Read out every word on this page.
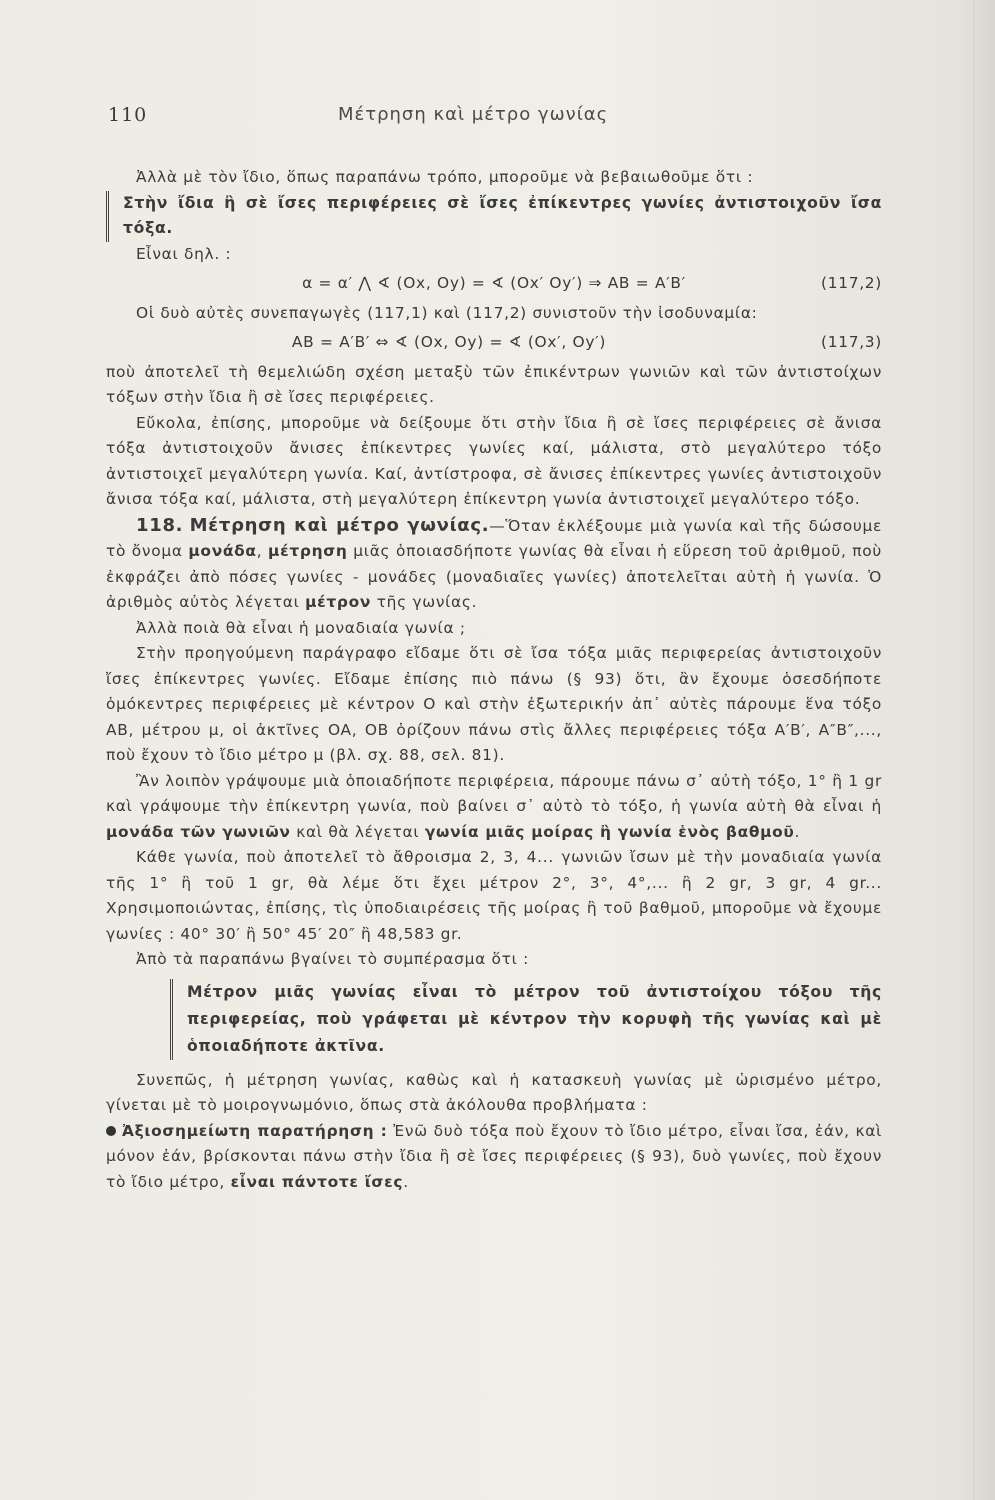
110	Μέτρηση καὶ μέτρο γωνίας

Ἀλλὰ μὲ τὸν ἴδιο, ὅπως παραπάνω τρόπο, μποροῦμε νὰ βεβαιωθοῦμε ὅτι :

Στὴν ἴδια ἢ σὲ ἴσες περιφέρειες σὲ ἴσες ἐπίκεντρες γωνίες ἀντιστοιχοῦν ἴσα τόξα.

Εἶναι δηλ. :

α = α′ ⋀ ∢ (Ox, Oy) = ∢ (Ox′ Oy′) ⇒ AB = A′B′	(117,2)

Οἱ δυὸ αὐτὲς συνεπαγωγὲς (117,1) καὶ (117,2) συνιστοῦν τὴν ἰσοδυναμία:

AB = A′B′ ⇔ ∢ (Ox, Oy) = ∢ (Ox′, Oy′)	(117,3)

ποὺ ἀποτελεῖ τὴ θεμελιώδη σχέση μεταξὺ τῶν ἐπικέντρων γωνιῶν καὶ τῶν ἀντιστοίχων τόξων στὴν ἴδια ἢ σὲ ἴσες περιφέρειες.

Εὔκολα, ἐπίσης, μποροῦμε νὰ δείξουμε ὅτι στὴν ἴδια ἢ σὲ ἴσες περιφέρειες σὲ ἄνισα τόξα ἀντιστοιχοῦν ἄνισες ἐπίκεντρες γωνίες καί, μάλιστα, στὸ μεγαλύτερο τόξο ἀντιστοιχεῖ μεγαλύτερη γωνία. Καί, ἀντίστροφα, σὲ ἄνισες ἐπίκεντρες γωνίες ἀντιστοιχοῦν ἄνισα τόξα καί, μάλιστα, στὴ μεγαλύτερη ἐπίκεντρη γωνία ἀντιστοιχεῖ μεγαλύτερο τόξο.

118. Μέτρηση καὶ μέτρο γωνίας.—Ὅταν ἐκλέξουμε μιὰ γωνία καὶ τῆς δώσουμε τὸ ὄνομα μονάδα, μέτρηση μιᾶς ὁποιασδήποτε γωνίας θὰ εἶναι ἡ εὕρεση τοῦ ἀριθμοῦ, ποὺ ἐκφράζει ἀπὸ πόσες γωνίες - μονάδες (μοναδιαῖες γωνίες) ἀποτελεῖται αὐτὴ ἡ γωνία. Ὁ ἀριθμὸς αὐτὸς λέγεται μέτρον τῆς γωνίας.

Ἀλλὰ ποιὰ θὰ εἶναι ἡ μοναδιαία γωνία ;

Στὴν προηγούμενη παράγραφο εἴδαμε ὅτι σὲ ἴσα τόξα μιᾶς περιφερείας ἀντιστοιχοῦν ἴσες ἐπίκεντρες γωνίες. Εἴδαμε ἐπίσης πιὸ πάνω (§ 93) ὅτι, ἂν ἔχουμε ὁσεσδήποτε ὁμόκεντρες περιφέρειες μὲ κέντρον O καὶ στὴν ἐξωτερικήν ἀπ᾽ αὐτὲς πάρουμε ἕνα τόξο AB, μέτρου μ, οἱ ἀκτῖνες OA, OB ὁρίζουν πάνω στὶς ἄλλες περιφέρειες τόξα A′B′, A″B″,..., ποὺ ἔχουν τὸ ἴδιο μέτρο μ (βλ. σχ. 88, σελ. 81).

Ἂν λοιπὸν γράψουμε μιὰ ὁποιαδήποτε περιφέρεια, πάρουμε πάνω σ᾽ αὐτὴ τόξο, 1° ἢ 1 gr καὶ γράψουμε τὴν ἐπίκεντρη γωνία, ποὺ βαίνει σ᾽ αὐτὸ τὸ τόξο, ἡ γωνία αὐτὴ θὰ εἶναι ἡ μονάδα τῶν γωνιῶν καὶ θὰ λέγεται γωνία μιᾶς μοίρας ἢ γωνία ἑνὸς βαθμοῦ.

Κάθε γωνία, ποὺ ἀποτελεῖ τὸ ἄθροισμα 2, 3, 4... γωνιῶν ἴσων μὲ τὴν μοναδιαία γωνία τῆς 1° ἢ τοῦ 1 gr, θὰ λέμε ὅτι ἔχει μέτρον 2°, 3°, 4°,... ἢ 2 gr, 3 gr, 4 gr... Χρησιμοποιώντας, ἐπίσης, τὶς ὑποδιαιρέσεις τῆς μοίρας ἢ τοῦ βαθμοῦ, μποροῦμε νὰ ἔχουμε γωνίες : 40° 30′ ἢ 50° 45′ 20″ ἢ 48,583 gr.

Ἀπὸ τὰ παραπάνω βγαίνει τὸ συμπέρασμα ὅτι :

Μέτρον μιᾶς γωνίας εἶναι τὸ μέτρον τοῦ ἀντιστοίχου τόξου τῆς περιφερείας, ποὺ γράφεται μὲ κέντρον τὴν κορυφὴ τῆς γωνίας καὶ μὲ ὁποιαδήποτε ἀκτῖνα.

Συνεπῶς, ἡ μέτρηση γωνίας, καθὼς καὶ ἡ κατασκευὴ γωνίας μὲ ὡρισμένο μέτρο, γίνεται μὲ τὸ μοιρογνωμόνιο, ὅπως στὰ ἀκόλουθα προβλήματα :

Ἀξιοσημείωτη παρατήρηση : Ἐνῶ δυὸ τόξα ποὺ ἔχουν τὸ ἴδιο μέτρο, εἶναι ἴσα, ἐάν, καὶ μόνον ἐάν, βρίσκονται πάνω στὴν ἴδια ἢ σὲ ἴσες περιφέρειες (§ 93), δυὸ γωνίες, ποὺ ἔχουν τὸ ἴδιο μέτρο, εἶναι πάντοτε ἴσες.
